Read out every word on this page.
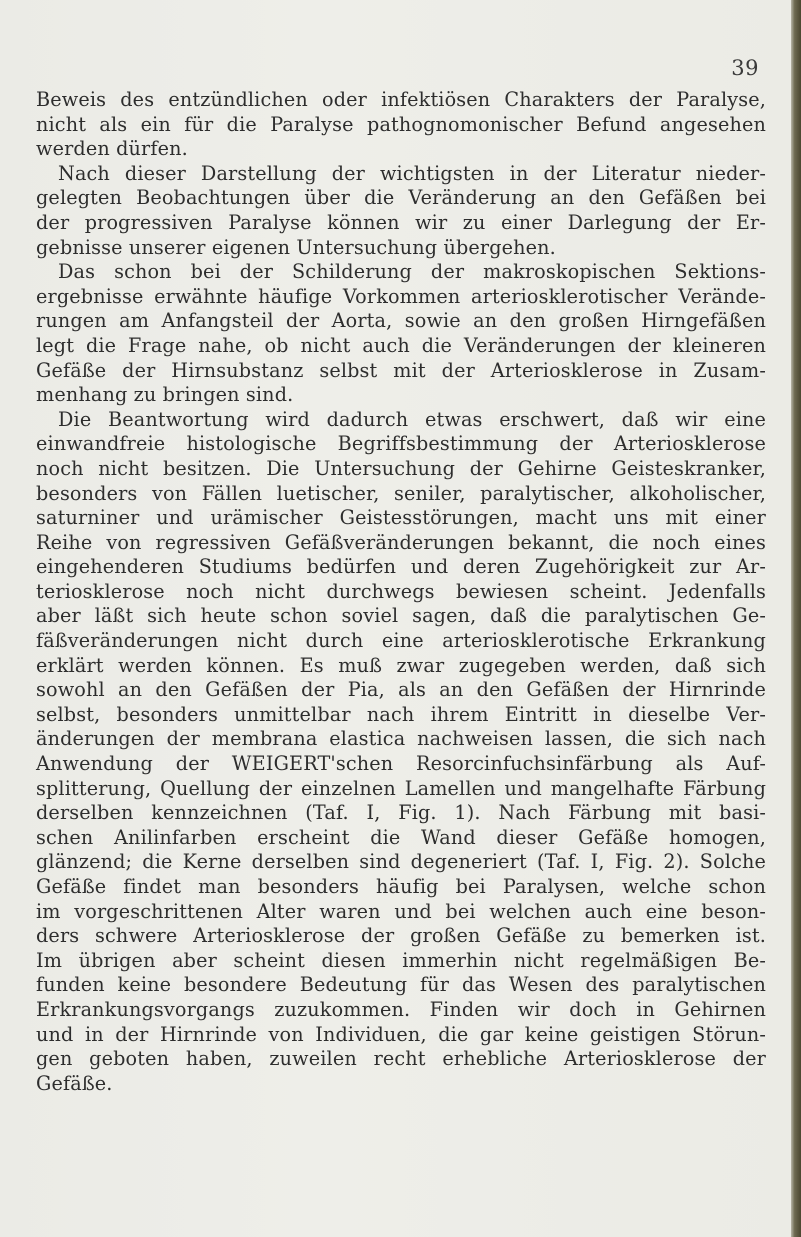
39
Beweis des entzündlichen oder infektiösen Charakters der Paralyse,
nicht als ein für die Paralyse pathognomonischer Befund angesehen
werden dürfen.
Nach dieser Darstellung der wichtigsten in der Literatur nieder-
gelegten Beobachtungen über die Veränderung an den Gefäßen bei
der progressiven Paralyse können wir zu einer Darlegung der Er-
gebnisse unserer eigenen Untersuchung übergehen.
Das schon bei der Schilderung der makroskopischen Sektions-
ergebnisse erwähnte häufige Vorkommen arteriosklerotischer Verände-
rungen am Anfangsteil der Aorta, sowie an den großen Hirngefäßen
legt die Frage nahe, ob nicht auch die Veränderungen der kleineren
Gefäße der Hirnsubstanz selbst mit der Arteriosklerose in Zusam-
menhang zu bringen sind.
Die Beantwortung wird dadurch etwas erschwert, daß wir eine
einwandfreie histologische Begriffsbestimmung der Arteriosklerose
noch nicht besitzen. Die Untersuchung der Gehirne Geisteskranker,
besonders von Fällen luetischer, seniler, paralytischer, alkoholischer,
saturniner und urämischer Geistesstörungen, macht uns mit einer
Reihe von regressiven Gefäßveränderungen bekannt, die noch eines
eingehenderen Studiums bedürfen und deren Zugehörigkeit zur Ar-
teriosklerose noch nicht durchwegs bewiesen scheint. Jedenfalls
aber läßt sich heute schon soviel sagen, daß die paralytischen Ge-
fäßveränderungen nicht durch eine arteriosklerotische Erkrankung
erklärt werden können. Es muß zwar zugegeben werden, daß sich
sowohl an den Gefäßen der Pia, als an den Gefäßen der Hirnrinde
selbst, besonders unmittelbar nach ihrem Eintritt in dieselbe Ver-
änderungen der membrana elastica nachweisen lassen, die sich nach
Anwendung der WEIGERT'schen Resorcinfuchsinfärbung als Auf-
splitterung, Quellung der einzelnen Lamellen und mangelhafte Färbung
derselben kennzeichnen (Taf. I, Fig. 1). Nach Färbung mit basi-
schen Anilinfarben erscheint die Wand dieser Gefäße homogen,
glänzend; die Kerne derselben sind degeneriert (Taf. I, Fig. 2). Solche
Gefäße findet man besonders häufig bei Paralysen, welche schon
im vorgeschrittenen Alter waren und bei welchen auch eine beson-
ders schwere Arteriosklerose der großen Gefäße zu bemerken ist.
Im übrigen aber scheint diesen immerhin nicht regelmäßigen Be-
funden keine besondere Bedeutung für das Wesen des paralytischen
Erkrankungsvorgangs zuzukommen. Finden wir doch in Gehirnen
und in der Hirnrinde von Individuen, die gar keine geistigen Störun-
gen geboten haben, zuweilen recht erhebliche Arteriosklerose der
Gefäße.
